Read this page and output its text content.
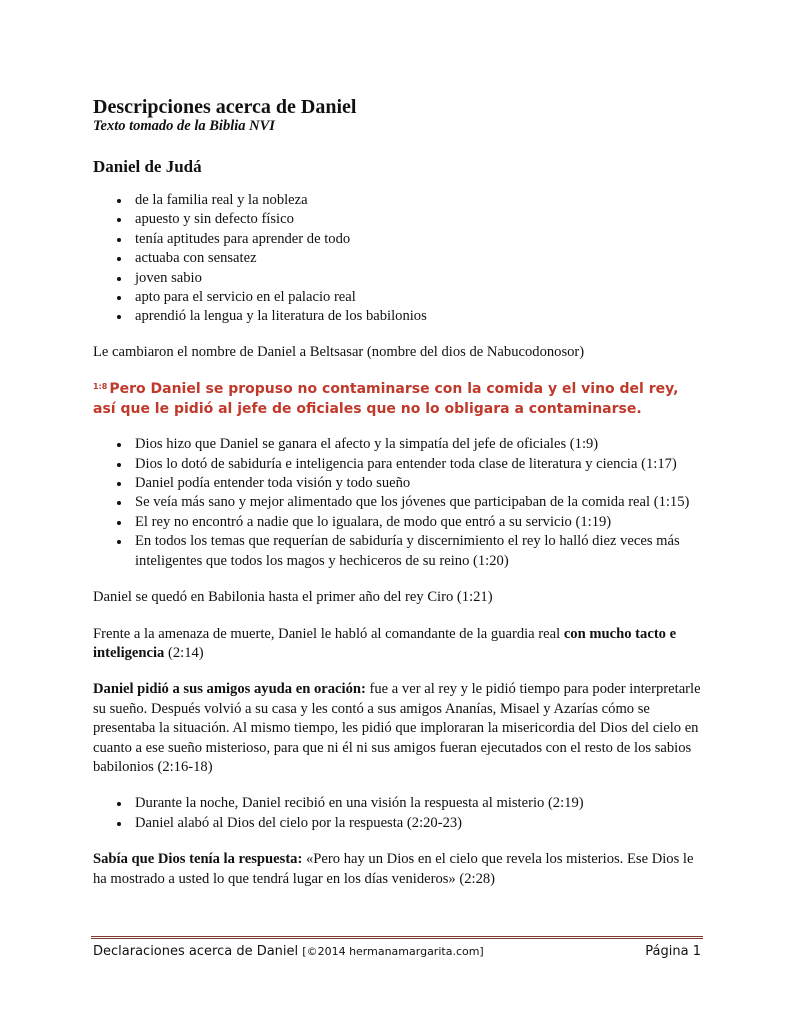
Descripciones acerca de Daniel
Texto tomado de la Biblia NVI
Daniel de Judá
• de la familia real y la nobleza
• apuesto y sin defecto físico
• tenía aptitudes para aprender de todo
• actuaba con sensatez
• joven sabio
• apto para el servicio en el palacio real
• aprendió la lengua y la literatura de los babilonios

Le cambiaron el nombre de Daniel a Beltsasar (nombre del dios de Nabucodonosor)

$^{1:8}$ Pero Daniel se propuso no contaminarse con la comida y el vino del rey, así que le pidió al jefe de oficiales que no lo obligara a contaminarse.
• Dios hizo que Daniel se ganara el afecto y la simpatía del jefe de oficiales (1:9)
• Dios lo dotó de sabiduría e inteligencia para entender toda clase de literatura y ciencia (1:17)
• Daniel podía entender toda visión y todo sueño
• Se veía más sano y mejor alimentado que los jóvenes que participaban de la comida real (1:15)
• El rey no encontró a nadie que lo igualara, de modo que entró a su servicio (1:19)
• En todos los temas que requerían de sabiduría y discernimiento el rey lo halló diez veces más inteligentes que todos los magos y hechiceros de su reino (1:20)

Daniel se quedó en Babilonia hasta el primer año del rey Ciro (1:21)

Frente a la amenaza de muerte, Daniel le habló al comandante de la guardia real con mucho tacto e inteligencia (2:14)

Daniel pidió a sus amigos ayuda en oración: fue a ver al rey y le pidió tiempo para poder interpretarle su sueño. Después volvió a su casa y les contó a sus amigos Ananías, Misael y Azarías cómo se presentaba la situación. Al mismo tiempo, les pidió que imploraran la misericordia del Dios del cielo en cuanto a ese sueño misterioso, para que ni él ni sus amigos fueran ejecutados con el resto de los sabios babilonios (2:16-18)

• Durante la noche, Daniel recibió en una visión la respuesta al misterio (2:19)
• Daniel alabó al Dios del cielo por la respuesta (2:20-23)

Sabía que Dios tenía la respuesta: «Pero hay un Dios en el cielo que revela los misterios. Ese Dios le ha mostrado a usted lo que tendrá lugar en los días venideros» (2:28)

Declaraciones acerca de Daniel [©2014 hermanamargarita.com]	Página 1
